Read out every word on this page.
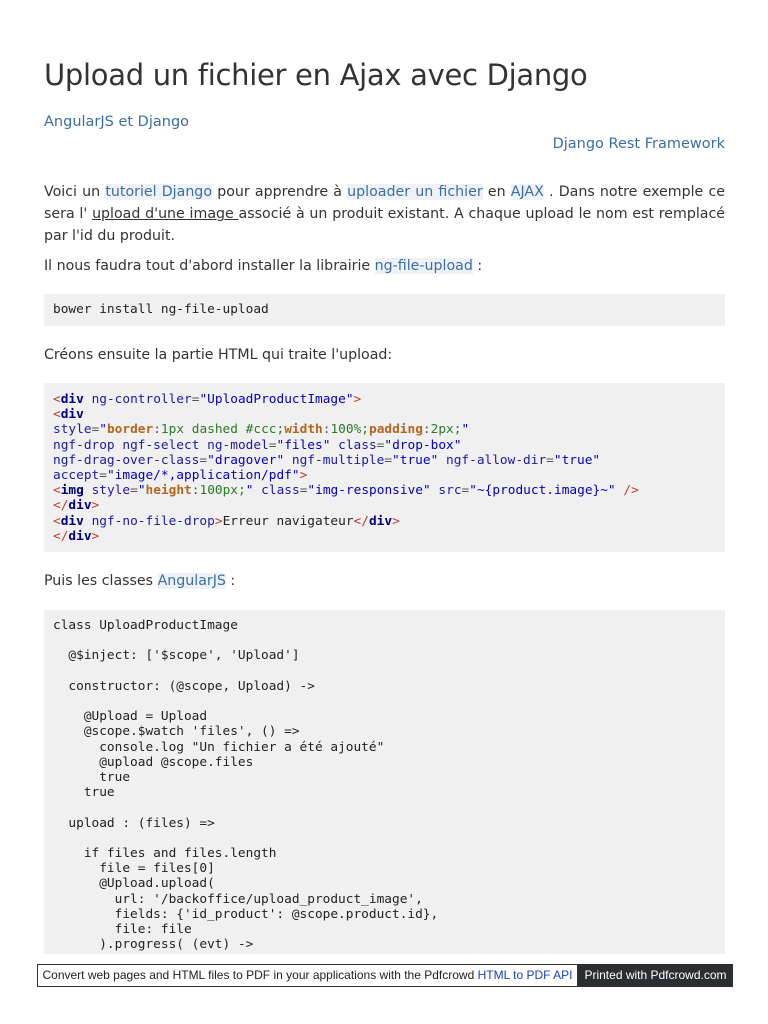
Upload un fichier en Ajax avec Django
AngularJS et Django
Django Rest Framework

Voici un tutoriel Django pour apprendre à uploader un fichier en AJAX . Dans notre exemple ce sera l' upload d'une image associé à un produit existant. A chaque upload le nom est remplacé par l'id du produit.

Il nous faudra tout d'abord installer la librairie ng-file-upload :

bower install ng-file-upload

Créons ensuite la partie HTML qui traite l'upload:

<div ng-controller="UploadProductImage">
<div
style="border:1px dashed #ccc;width:100%;padding:2px;"
ngf-drop ngf-select ng-model="files" class="drop-box"
ngf-drag-over-class="dragover" ngf-multiple="true" ngf-allow-dir="true"
accept="image/*,application/pdf">
<img style="height:100px;" class="img-responsive" src="~{product.image}~" />
</div>
<div ngf-no-file-drop>Erreur navigateur</div>
</div>

Puis les classes AngularJS :

class UploadProductImage

@$inject: ['$scope', 'Upload']

constructor: (@scope, Upload) ->

@Upload = Upload
@scope.$watch 'files', () =>
console.log "Un fichier a été ajouté"
@upload @scope.files
true
true

upload : (files) =>

if files and files.length
file = files[0]
@Upload.upload(
url: '/backoffice/upload_product_image',
fields: {'id_product': @scope.product.id},
file: file
).progress( (evt) ->
Convert web pages and HTML files to PDF in your applications with the Pdfcrowd HTML to PDF API Printed with Pdfcrowd.com
